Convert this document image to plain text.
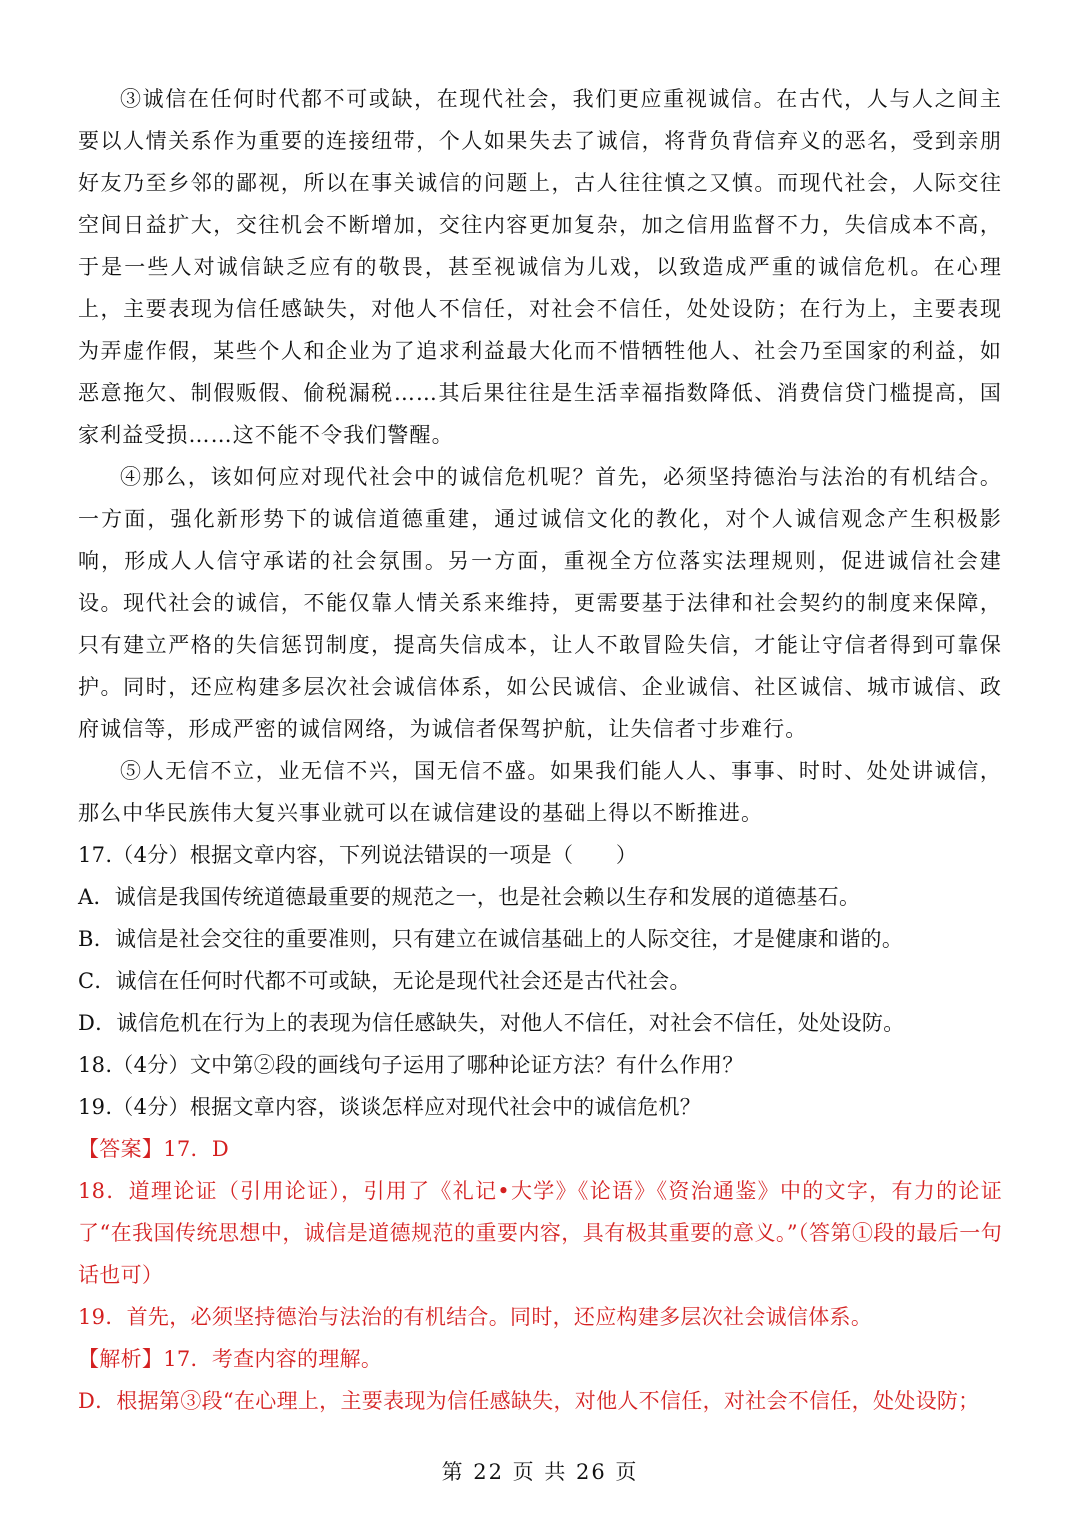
③诚信在任何时代都不可或缺，在现代社会，我们更应重视诚信。在古代，人与人之间主要以人情关系作为重要的连接纽带，个人如果失去了诚信，将背负背信弃义的恶名，受到亲朋好友乃至乡邻的鄙视，所以在事关诚信的问题上，古人往往慎之又慎。而现代社会，人际交往空间日益扩大，交往机会不断增加，交往内容更加复杂，加之信用监督不力，失信成本不高，于是一些人对诚信缺乏应有的敬畏，甚至视诚信为儿戏，以致造成严重的诚信危机。在心理上，主要表现为信任感缺失，对他人不信任，对社会不信任，处处设防；在行为上，主要表现为弄虚作假，某些个人和企业为了追求利益最大化而不惜牺牲他人、社会乃至国家的利益，如恶意拖欠、制假贩假、偷税漏税……其后果往往是生活幸福指数降低、消费信贷门槛提高，国家利益受损……这不能不令我们警醒。

④那么，该如何应对现代社会中的诚信危机呢？首先，必须坚持德治与法治的有机结合。一方面，强化新形势下的诚信道德重建，通过诚信文化的教化，对个人诚信观念产生积极影响，形成人人信守承诺的社会氛围。另一方面，重视全方位落实法理规则，促进诚信社会建设。现代社会的诚信，不能仅靠人情关系来维持，更需要基于法律和社会契约的制度来保障，只有建立严格的失信惩罚制度，提高失信成本，让人不敢冒险失信，才能让守信者得到可靠保护。同时，还应构建多层次社会诚信体系，如公民诚信、企业诚信、社区诚信、城市诚信、政府诚信等，形成严密的诚信网络，为诚信者保驾护航，让失信者寸步难行。

⑤人无信不立，业无信不兴，国无信不盛。如果我们能人人、事事、时时、处处讲诚信，那么中华民族伟大复兴事业就可以在诚信建设的基础上得以不断推进。

17.（4分）根据文章内容，下列说法错误的一项是（　　）

A．诚信是我国传统道德最重要的规范之一，也是社会赖以生存和发展的道德基石。

B．诚信是社会交往的重要准则，只有建立在诚信基础上的人际交往，才是健康和谐的。

C．诚信在任何时代都不可或缺，无论是现代社会还是古代社会。

D．诚信危机在行为上的表现为信任感缺失，对他人不信任，对社会不信任，处处设防。

18.（4分）文中第②段的画线句子运用了哪种论证方法？有什么作用？

19.（4分）根据文章内容，谈谈怎样应对现代社会中的诚信危机？

【答案】17．D

18．道理论证（引用论证），引用了《礼记•大学》《论语》《资治通鉴》中的文字，有力的论证了“在我国传统思想中，诚信是道德规范的重要内容，具有极其重要的意义。”（答第①段的最后一句话也可）

19．首先，必须坚持德治与法治的有机结合。同时，还应构建多层次社会诚信体系。

【解析】17．考查内容的理解。

D．根据第③段“在心理上，主要表现为信任感缺失，对他人不信任，对社会不信任，处处设防；

第 22 页 共 26 页
